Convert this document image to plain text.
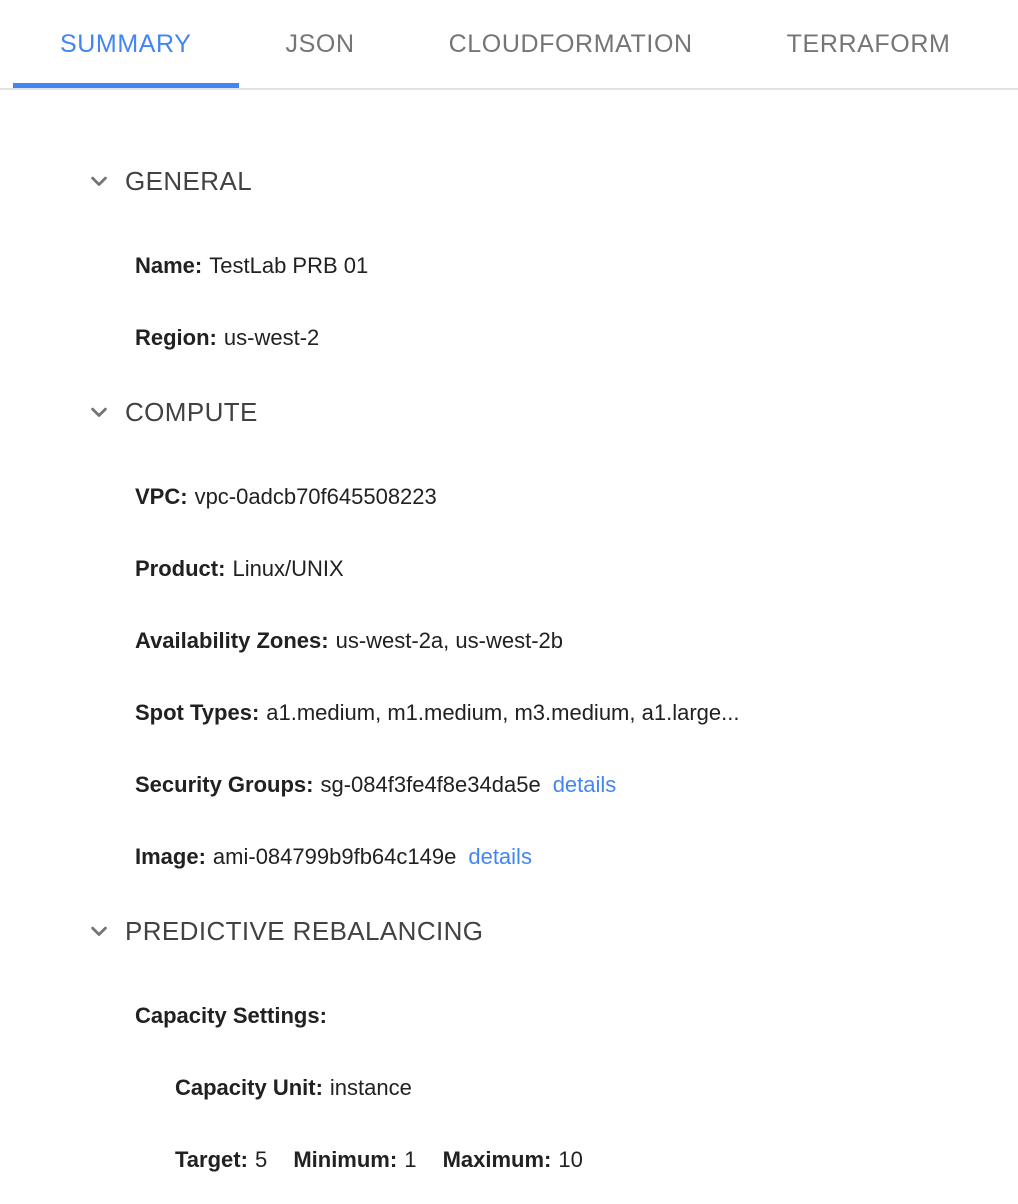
SUMMARY	JSON	CLOUDFORMATION	TERRAFORM
GENERAL
Name: TestLab PRB 01
Region: us-west-2
COMPUTE
VPC: vpc-0adcb70f645508223
Product: Linux/UNIX
Availability Zones: us-west-2a, us-west-2b
Spot Types: a1.medium, m1.medium, m3.medium, a1.large...
Security Groups: sg-084f3fe4f8e34da5e details
Image: ami-084799b9fb64c149e details
PREDICTIVE REBALANCING
Capacity Settings:
Capacity Unit: instance
Target: 5 Minimum: 1 Maximum: 10
